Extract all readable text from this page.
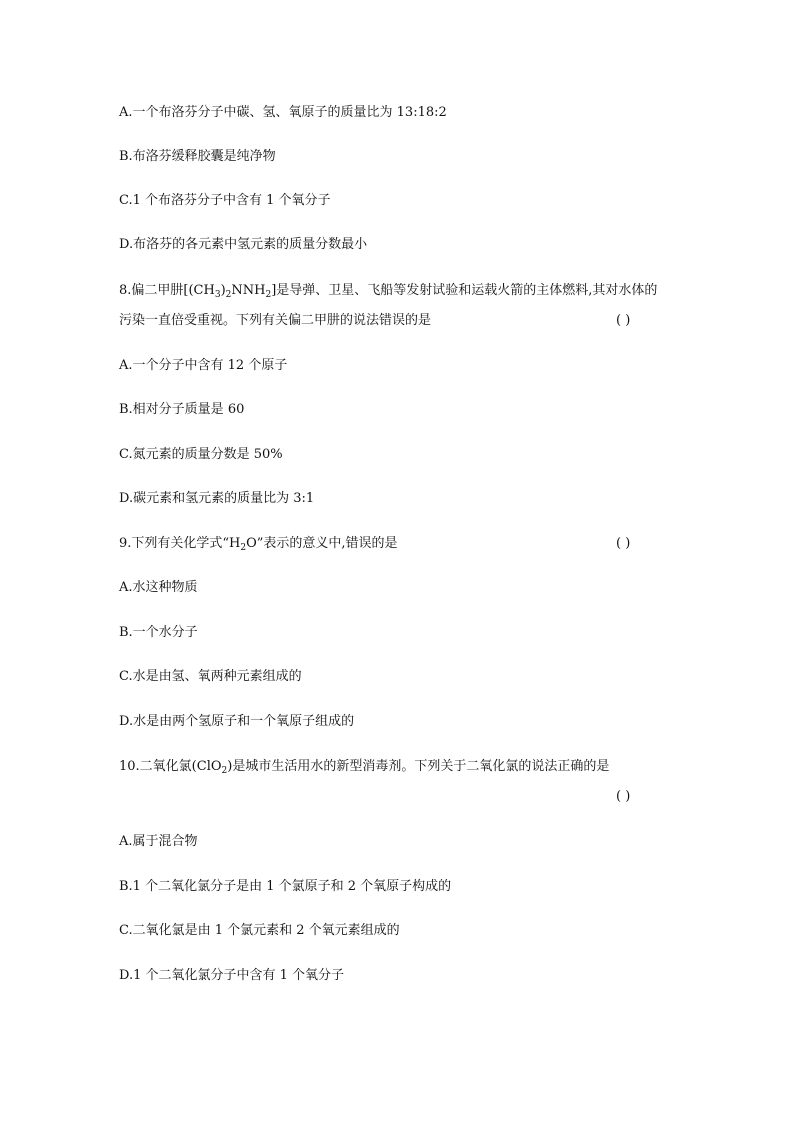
A.一个布洛芬分子中碳、氢、氧原子的质量比为 13:18:2
B.布洛芬缓释胶囊是纯净物
C.1 个布洛芬分子中含有 1 个氧分子
D.布洛芬的各元素中氢元素的质量分数最小
8.偏二甲肼$[(CH_3)_2NNH_2]$是导弹、卫星、飞船等发射试验和运载火箭的主体燃料,其对水体的
污染一直倍受重视。下列有关偏二甲肼的说法错误的是	( )
A.一个分子中含有 12 个原子
B.相对分子质量是 60
C.氮元素的质量分数是 50%
D.碳元素和氢元素的质量比为 3:1
9.下列有关化学式“$H_2O$”表示的意义中,错误的是	( )
A.水这种物质
B.一个水分子
C.水是由氢、氧两种元素组成的
D.水是由两个氢原子和一个氧原子组成的
10.二氧化氯(ClO$_2$)是城市生活用水的新型消毒剂。下列关于二氧化氯的说法正确的是
( )
A.属于混合物
B.1 个二氧化氯分子是由 1 个氯原子和 2 个氧原子构成的
C.二氧化氯是由 1 个氯元素和 2 个氧元素组成的
D.1 个二氧化氯分子中含有 1 个氧分子
